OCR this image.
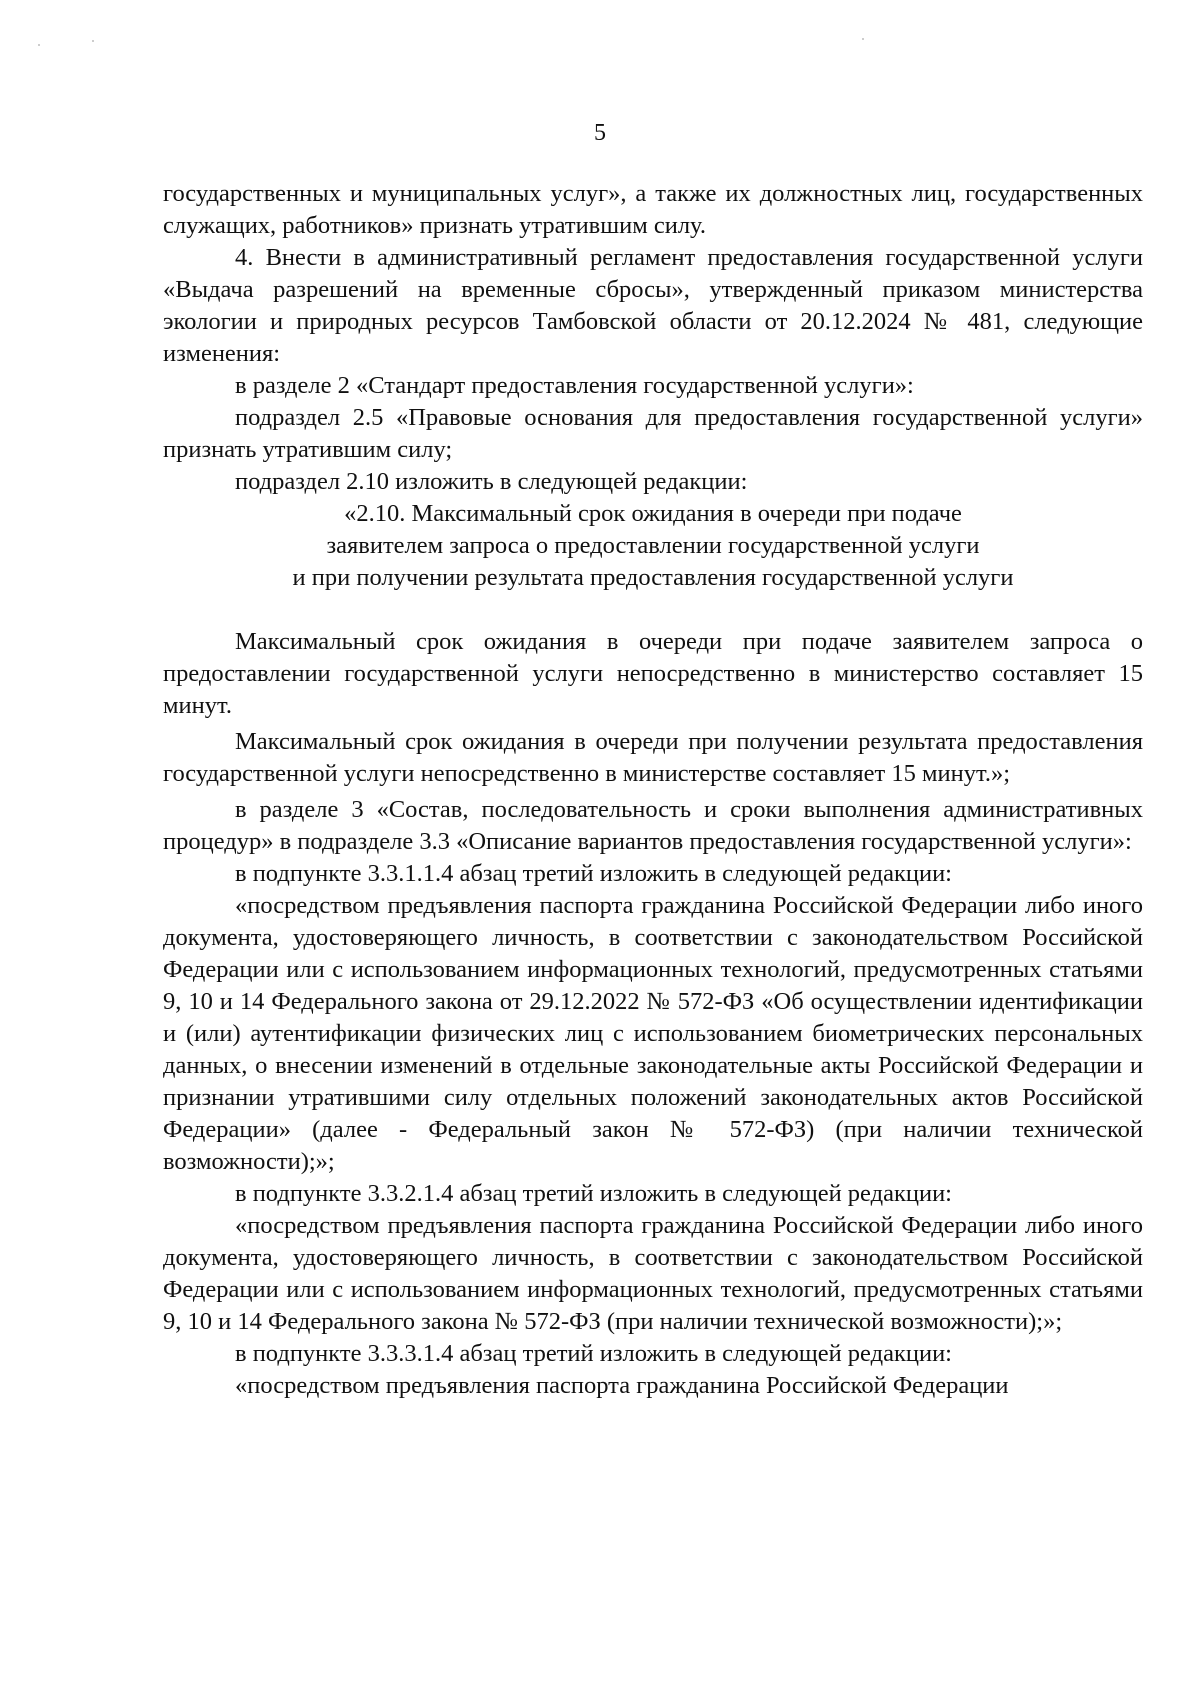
5

государственных и муниципальных услуг», а также их должностных лиц, государственных служащих, работников» признать утратившим силу.

4. Внести в административный регламент предоставления государственной услуги «Выдача разрешений на временные сбросы», утвержденный приказом министерства экологии и природных ресурсов Тамбовской области от 20.12.2024 № 481, следующие изменения:

в разделе 2 «Стандарт предоставления государственной услуги»:

подраздел 2.5 «Правовые основания для предоставления государственной услуги» признать утратившим силу;

подраздел 2.10 изложить в следующей редакции:

«2.10. Максимальный срок ожидания в очереди при подаче
заявителем запроса о предоставлении государственной услуги
и при получении результата предоставления государственной услуги

Максимальный срок ожидания в очереди при подаче заявителем запроса о предоставлении государственной услуги непосредственно в министерство составляет 15 минут.

Максимальный срок ожидания в очереди при получении результата предоставления государственной услуги непосредственно в министерстве составляет 15 минут.»;

в разделе 3 «Состав, последовательность и сроки выполнения административных процедур» в подразделе 3.3 «Описание вариантов предоставления государственной услуги»:

в подпункте 3.3.1.1.4 абзац третий изложить в следующей редакции:

«посредством предъявления паспорта гражданина Российской Федерации либо иного документа, удостоверяющего личность, в соответствии с законодательством Российской Федерации или с использованием информационных технологий, предусмотренных статьями 9, 10 и 14 Федерального закона от 29.12.2022 № 572-ФЗ «Об осуществлении идентификации и (или) аутентификации физических лиц с использованием биометрических персональных данных, о внесении изменений в отдельные законодательные акты Российской Федерации и признании утратившими силу отдельных положений законодательных актов Российской Федерации» (далее - Федеральный закон № 572-ФЗ) (при наличии технической возможности);»;

в подпункте 3.3.2.1.4 абзац третий изложить в следующей редакции:

«посредством предъявления паспорта гражданина Российской Федерации либо иного документа, удостоверяющего личность, в соответствии с законодательством Российской Федерации или с использованием информационных технологий, предусмотренных статьями 9, 10 и 14 Федерального закона № 572-ФЗ (при наличии технической возможности);»;

в подпункте 3.3.3.1.4 абзац третий изложить в следующей редакции:

«посредством предъявления паспорта гражданина Российской Федерации
